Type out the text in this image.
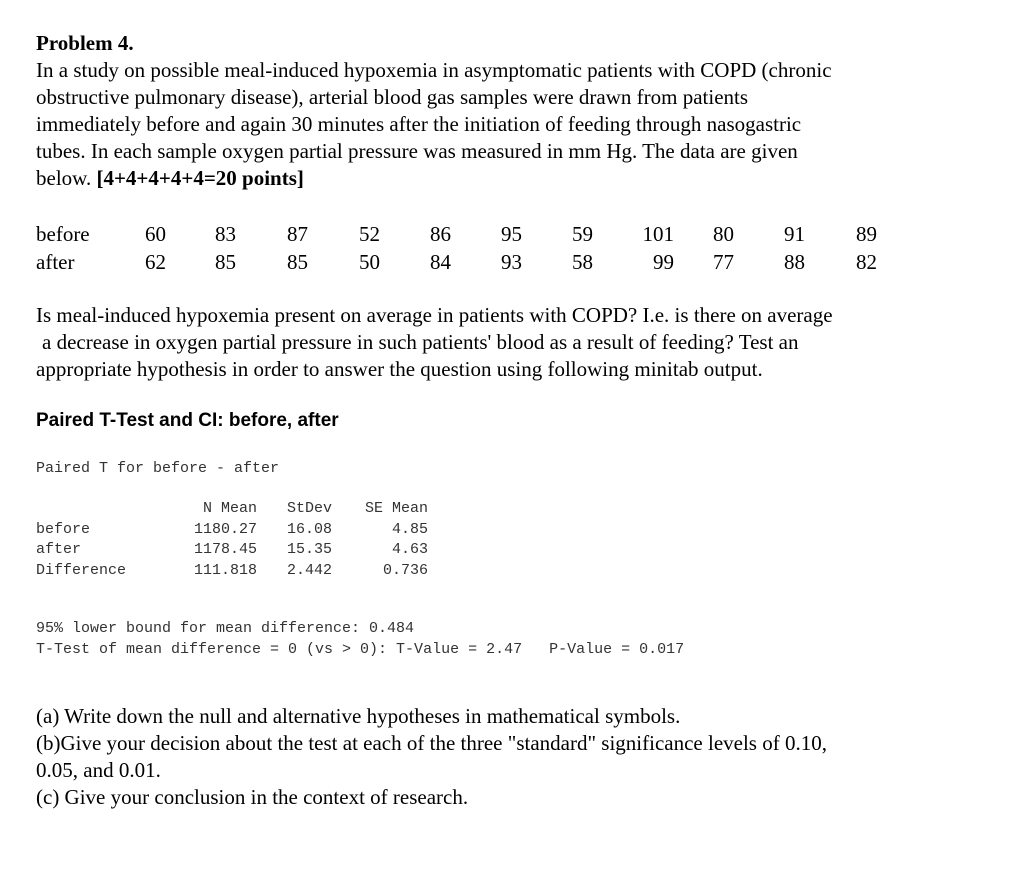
Problem 4.
In a study on possible meal-induced hypoxemia in asymptomatic patients with COPD (chronic
obstructive pulmonary disease), arterial blood gas samples were drawn from patients
immediately before and again 30 minutes after the initiation of feeding through nasogastric
tubes. In each sample oxygen partial pressure was measured in mm Hg. The data are given
below. [4+4+4+4+4=20 points]
before	60 83 87 52 86 95 59 101 80 91 89
after	62 85 85 50 84 93 58	99 77 88 82
Is meal-induced hypoxemia present on average in patients with COPD? I.e. is there on average
a decrease in oxygen partial pressure in such patients' blood as a result of feeding? Test an
appropriate hypothesis in order to answer the question using following minitab output.
Paired T-Test and CI: before, after
Paired T for before - after
N Mean StDev SE Mean
before	11 80.27 16.08	4.85
after	11 78.45 15.35	4.63
Difference	11 1.818 2.442	0.736
95% lower bound for mean difference: 0.484
T-Test of mean difference = 0 (vs > 0): T-Value = 2.47   P-Value = 0.017
(a) Write down the null and alternative hypotheses in mathematical symbols.
(b)Give your decision about the test at each of the three "standard" significance levels of 0.10,
0.05, and 0.01.
(c) Give your conclusion in the context of research.
